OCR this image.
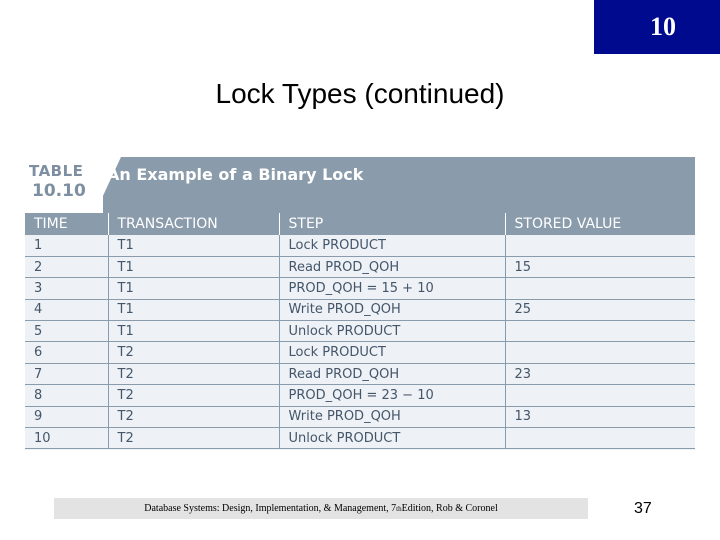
10
Lock Types (continued)
TABLE
10.10
An Example of a Binary Lock
TIME	TRANSACTION	STEP	STORED VALUE
1	T1	Lock PRODUCT	
2	T1	Read PROD_QOH	15
3	T1	PROD_QOH = 15 + 10	
4	T1	Write PROD_QOH	25
5	T1	Unlock PRODUCT	
6	T2	Lock PRODUCT	
7	T2	Read PROD_QOH	23
8	T2	PROD_QOH = 23 − 10	
9	T2	Write PROD_QOH	13
10	T2	Unlock PRODUCT	
Database Systems: Design, Implementation, & Management, 7 th Edition, Rob & Coronel	37
